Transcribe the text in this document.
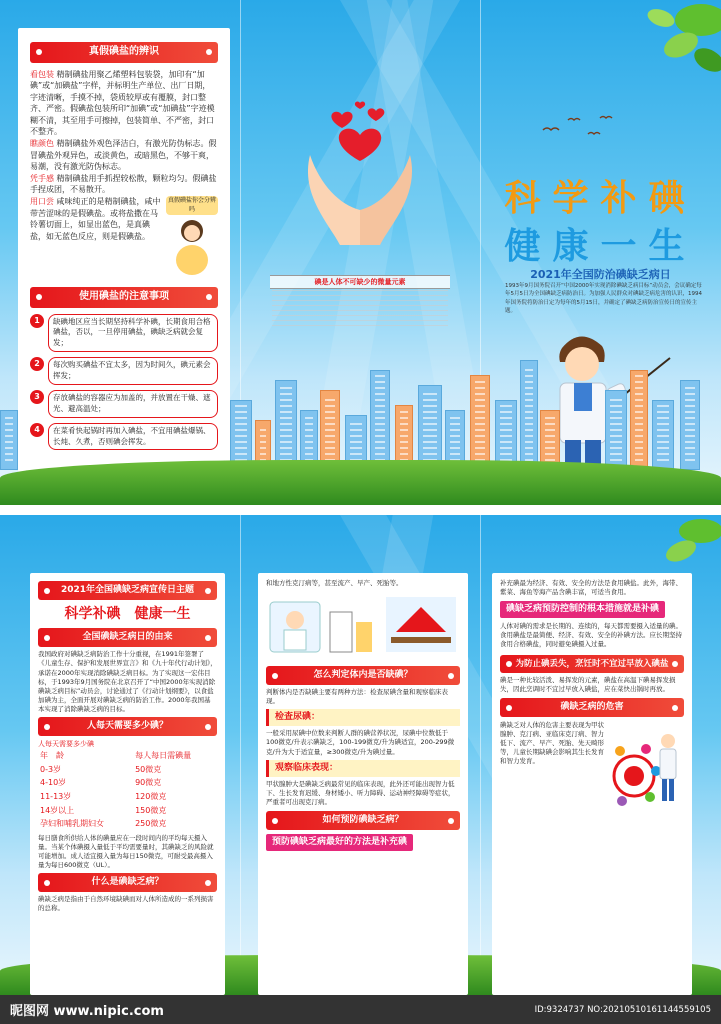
真假碘盐的辨识

看包装 精制碘盐用聚乙烯塑料包装袋，加印有“加碘”或“加碘盐”字样，并标明生产单位、出厂日期，字迹清晰，手摸不掉，袋质较厚或有覆膜，封口整齐、严密。假碘盐包装所印“加碘”或“加碘盐”字迹模糊不清，其至用手可擦掉，包装简单、不严密，封口不整齐。

瞧颜色 精制碘盐外观色泽洁白，有激光防伪标志。假冒碘盐外观异色，或淡黄色，或暗黑色，不够干爽，易潮，没有激光防伪标志。

凭手感 精制碘盐用手抓捏较松散，颗粒均匀。假碘盐手捏成团，不易散开。

用口尝 咸味纯正的是精制碘盐，咸中带苦涩味的是假碘盐。或将盐撒在马铃薯切面上，如显出蓝色，是真碘盐，如无蓝色反应，则是假碘盐。

真假碘盐你会分辨吗
使用碘盐的注意事项
1	缺碘地区应当长期坚持科学补碘，长期食用合格碘盐，否以，一旦停用碘盐，碘缺乏病就会复发；
2	每次购买碘盐不宜太多，因为时间久，碘元素会挥发；
3	存放碘盐的容器应为加盖的，并放置在干燥、遮光、避高温处；
4	在菜肴快起锅时再加入碘盐，不宜用碘盐爆锅、长炖、久煮，否则碘会挥发。
碘是人体不可缺少的微量元素
科学补碘
健康一生
2021年全国防治碘缺乏病日
1993年9月国务院召开“中国2000年实现消除碘缺乏病目标”动员会，会议确定每年5月5日为全国碘缺乏病防治日。为加强人民群众对碘缺乏病危害的认识，1994年国务院将防治日定为每年的5月15日，并确定了碘缺乏病防治宣传日的宣传主题。
2021年全国碘缺乏病宣传日主题
科学补碘　健康一生
全国碘缺乏病日的由来

我国政府对碘缺乏病防治工作十分重视，在1991年签署了《儿童生存、保护和发展世界宣言》和《九十年代行动计划》，承诺在2000年实现消除碘缺乏病目标。为了实现这一宏伟目标，于1993年9月国务院在北京召开了“中国2000年实现消除碘缺乏病目标”动员会，讨论通过了《行动计划纲要》，以食盐加碘为主，全面开展对碘缺乏病的防治工作。2000年我国基本实现了消除碘缺乏病的目标。

人每天需要多少碘？
人每天需要多少碘
年　龄	每人每日需碘量
0-3岁	50微克
4-10岁	90微克
11-13岁	120微克
14岁以上	150微克
孕妇和哺乳期妇女	250微克

每日膳食所供给人体的碘量应在一段时间内的平均每天摄入量。当某个体碘摄入量低于平均需要量时，其碘缺乏的风险就可能增加。成人适宜摄入量为每日150微克，可耐受最高摄入量为每日600微克（UL）。

什么是碘缺乏病？

碘缺乏病是指由于自然环境缺碘而对人体所造成的一系列损害的总称。

和地方性克汀病等，甚至流产、早产、死胎等。

怎么判定体内是否缺碘？

判断体内是否缺碘主要有两种方法：检查尿碘含量和观察临床表现。

检查尿碘：

一般采用尿碘中位数来判断人群的碘营养状况，尿碘中位数低于100微克/升表示碘缺乏，100-199微克/升为碘适宜，200-299微克/升为大于适宜量，≥300微克/升为碘过量。

观察临床表现：

甲状腺肿大是碘缺乏病最常见的临床表现，此外还可能出现智力低下、生长发育迟缓、身材矮小、听力障碍、运动神经障碍等症状，严重者可出现克汀病。

如何预防碘缺乏病？
预防碘缺乏病最好的方法是补充碘

补充碘最为经济、有效、安全的方法是食用碘盐。此外，海带、紫菜、海鱼等海产品含碘丰富，可适当食用。

碘缺乏病预防控制的根本措施就是补碘

人体对碘的需求是长期的、连续的，每天都需要摄入适量的碘。食用碘盐是最简便、经济、有效、安全的补碘方法。应长期坚持食用合格碘盐，同时避免碘摄入过量。

为防止碘丢失，烹饪时不宜过早放入碘盐

碘是一种比较活泼、易挥发的元素，碘盐在高温下碘易挥发损失，因此烹调时不宜过早放入碘盐，应在菜快出锅时再放。

碘缺乏病的危害

碘缺乏对人体的危害主要表现为甲状腺肿、克汀病、亚临床克汀病、智力低下、流产、早产、死胎、先天畸形等，儿童长期缺碘会影响其生长发育和智力发育。

昵图网 www.nipic.com	ID:9324737 NO:20210510161144559105
